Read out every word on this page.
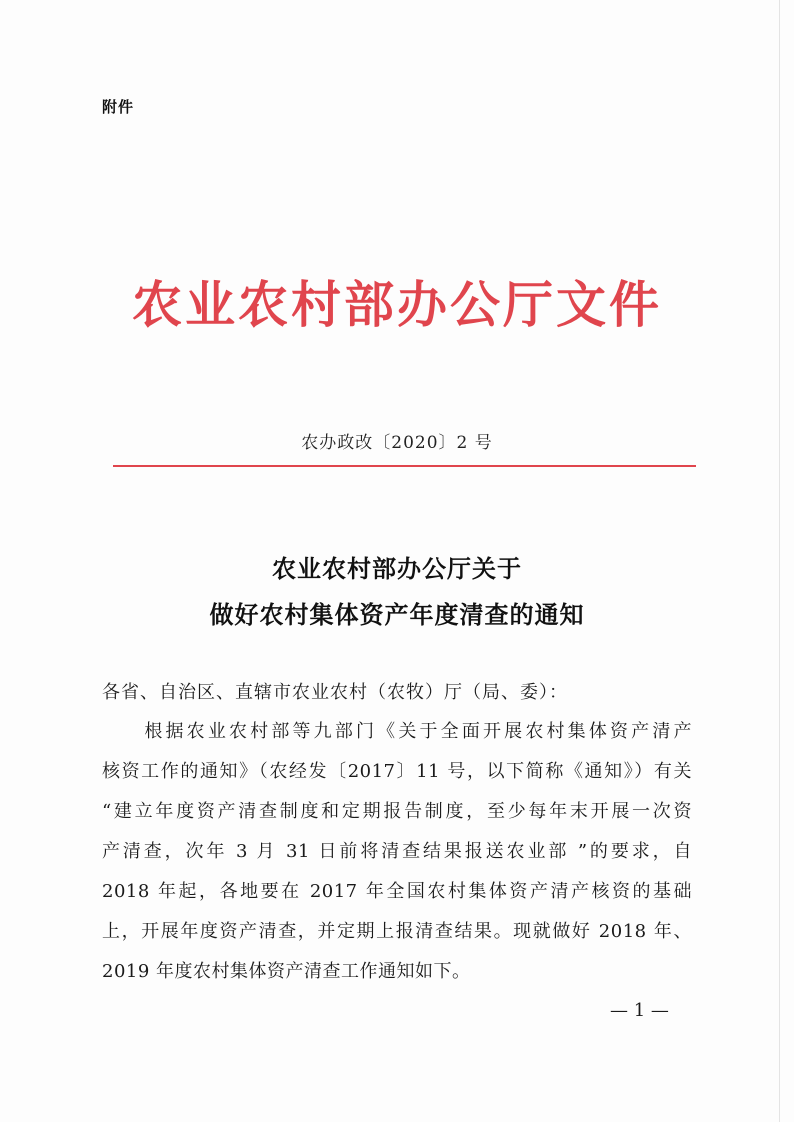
附件
农业农村部办公厅文件
农办政改〔2020〕2 号
农业农村部办公厅关于
做好农村集体资产年度清查的通知
各省、自治区、直辖市农业农村（农牧）厅（局、委）：
　　根据农业农村部等九部门《关于全面开展农村集体资产清产
核资工作的通知》（农经发〔2017〕11 号，以下简称《通知》）有关
“建立年度资产清查制度和定期报告制度，至少每年末开展一次资
产清查，次年 3 月 31 日前将清查结果报送农业部 ”的要求，自
2018 年起，各地要在 2017 年全国农村集体资产清产核资的基础
上，开展年度资产清查，并定期上报清查结果。现就做好 2018 年、
2019 年度农村集体资产清查工作通知如下。
— 1 —
